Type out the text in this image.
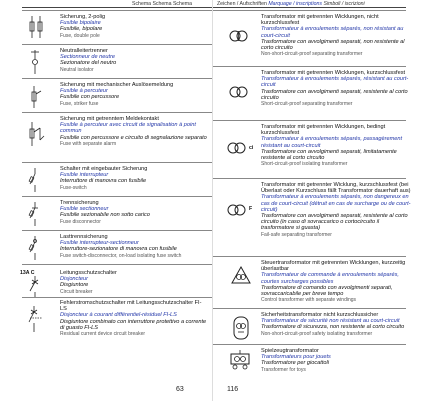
Schema Schema Schema
Sicherung, 2-polig
Fusible bipolaire
Fusibile, bipolare
Fuse, double pole
Neutralleitertrenner
Sectionneur de neutre
Sezionatore del neutro
Neutral isolator
Sicherung mit mechanischer Auslösemeldung
Fusible à percuteur
Fusibile con percussore
Fuse, striker fuse
Sicherung mit getrenntem Meldekontakt
Fusible à percuteur avec circuit de signalisation à point commun
Fusibile con percussore e circuito di segnalazione separato
Fuse with separate alarm
Schalter mit eingebauter Sicherung
Fusible interrupteur
Interruttore di manovra con fusibile
Fuse-switch
Trennsicherung
Fusible sectionneur
Fusibile sezionabile non sotto carico
Fuse disconnector
Lasttrennsicherung
Fusible interrupteur-sectionneur
Interruttore-sezionatore di manovra con fusibile
Fuse switch-disconnector, on-load isolating fuse switch
13A C	Leitungsschutzschalter
Disjoncteur
Disgiuntore
Circuit breaker
Fehlerstromschutzschalter mit Leitungsschutzschalter FI-LS
Disjoncteur à courant différentiel-résiduel FI-LS
Disgiuntore combinato con interruttore protettivo a corrente di guasto FI-LS
Residual current device circuit breaker
63
Zeichen / Aufschriften Marquage / inscriptions Simboli / iscrizioni
Transformator mit getrennten Wicklungen, nicht kurzschlussfest
Transformateur à enroulements séparés, non résistant au court-circuit
Trasformatore con avvolgimenti separati, non resistente al corto circuito
Non-short-circuit-proof separating transformer
Transformator mit getrennten Wicklungen, kurzschlussfest
Transformateur à enroulements séparés, résistant au court-circuit
Trasformatore con avvolgimenti separati, resistente al corto circuito
Short-circuit-proof separating transformer
ci
Transformator mit getrennten Wicklungen, bedingt kurzschlussfest
Transformateur à enroulements séparés, passagèrement résistant au court-circuit
Trasformatore con avvolgimenti separati, limitatamente resistente al corto circuito
Short-circuit-proof isolating transformer
F
Transformator mit getrennter Wicklung, kurzschlussfest (bei Überlast oder Kurzschluss fällt Transformator dauerhaft aus)
Transformateur à enroulements séparés, non dangereux en cas de court-circuit (détruit en cas de surcharge ou de court-circuit)
Trasformatore con avvolgimenti separati, resistente al corto circuito (in caso di sovraccarico o cortocircuito il trasformatore si guasta)
Fail-safe separating transformer
Steuertransformator mit getrennten Wicklungen, kurzzeitig überlastbar
Transformateur de commande à enroulements séparés, courtes surcharges possibles
Trasformatore di comando con avvolgimenti separati, sovraccaricabile per breve tempo
Control transformer with separate windings
Sicherheitstransformator nicht kurzschlussicher
Transformateur de sécurité non résistant au court-circuit
Trasformatore di sicurezza, non resistente al corto circuito
Non-short-circuit-proof safety isolating transformer
Spielzeugtransformator
Transformateurs pour jouets
Trasformatore per giocattoli
Transformer for toys
116
